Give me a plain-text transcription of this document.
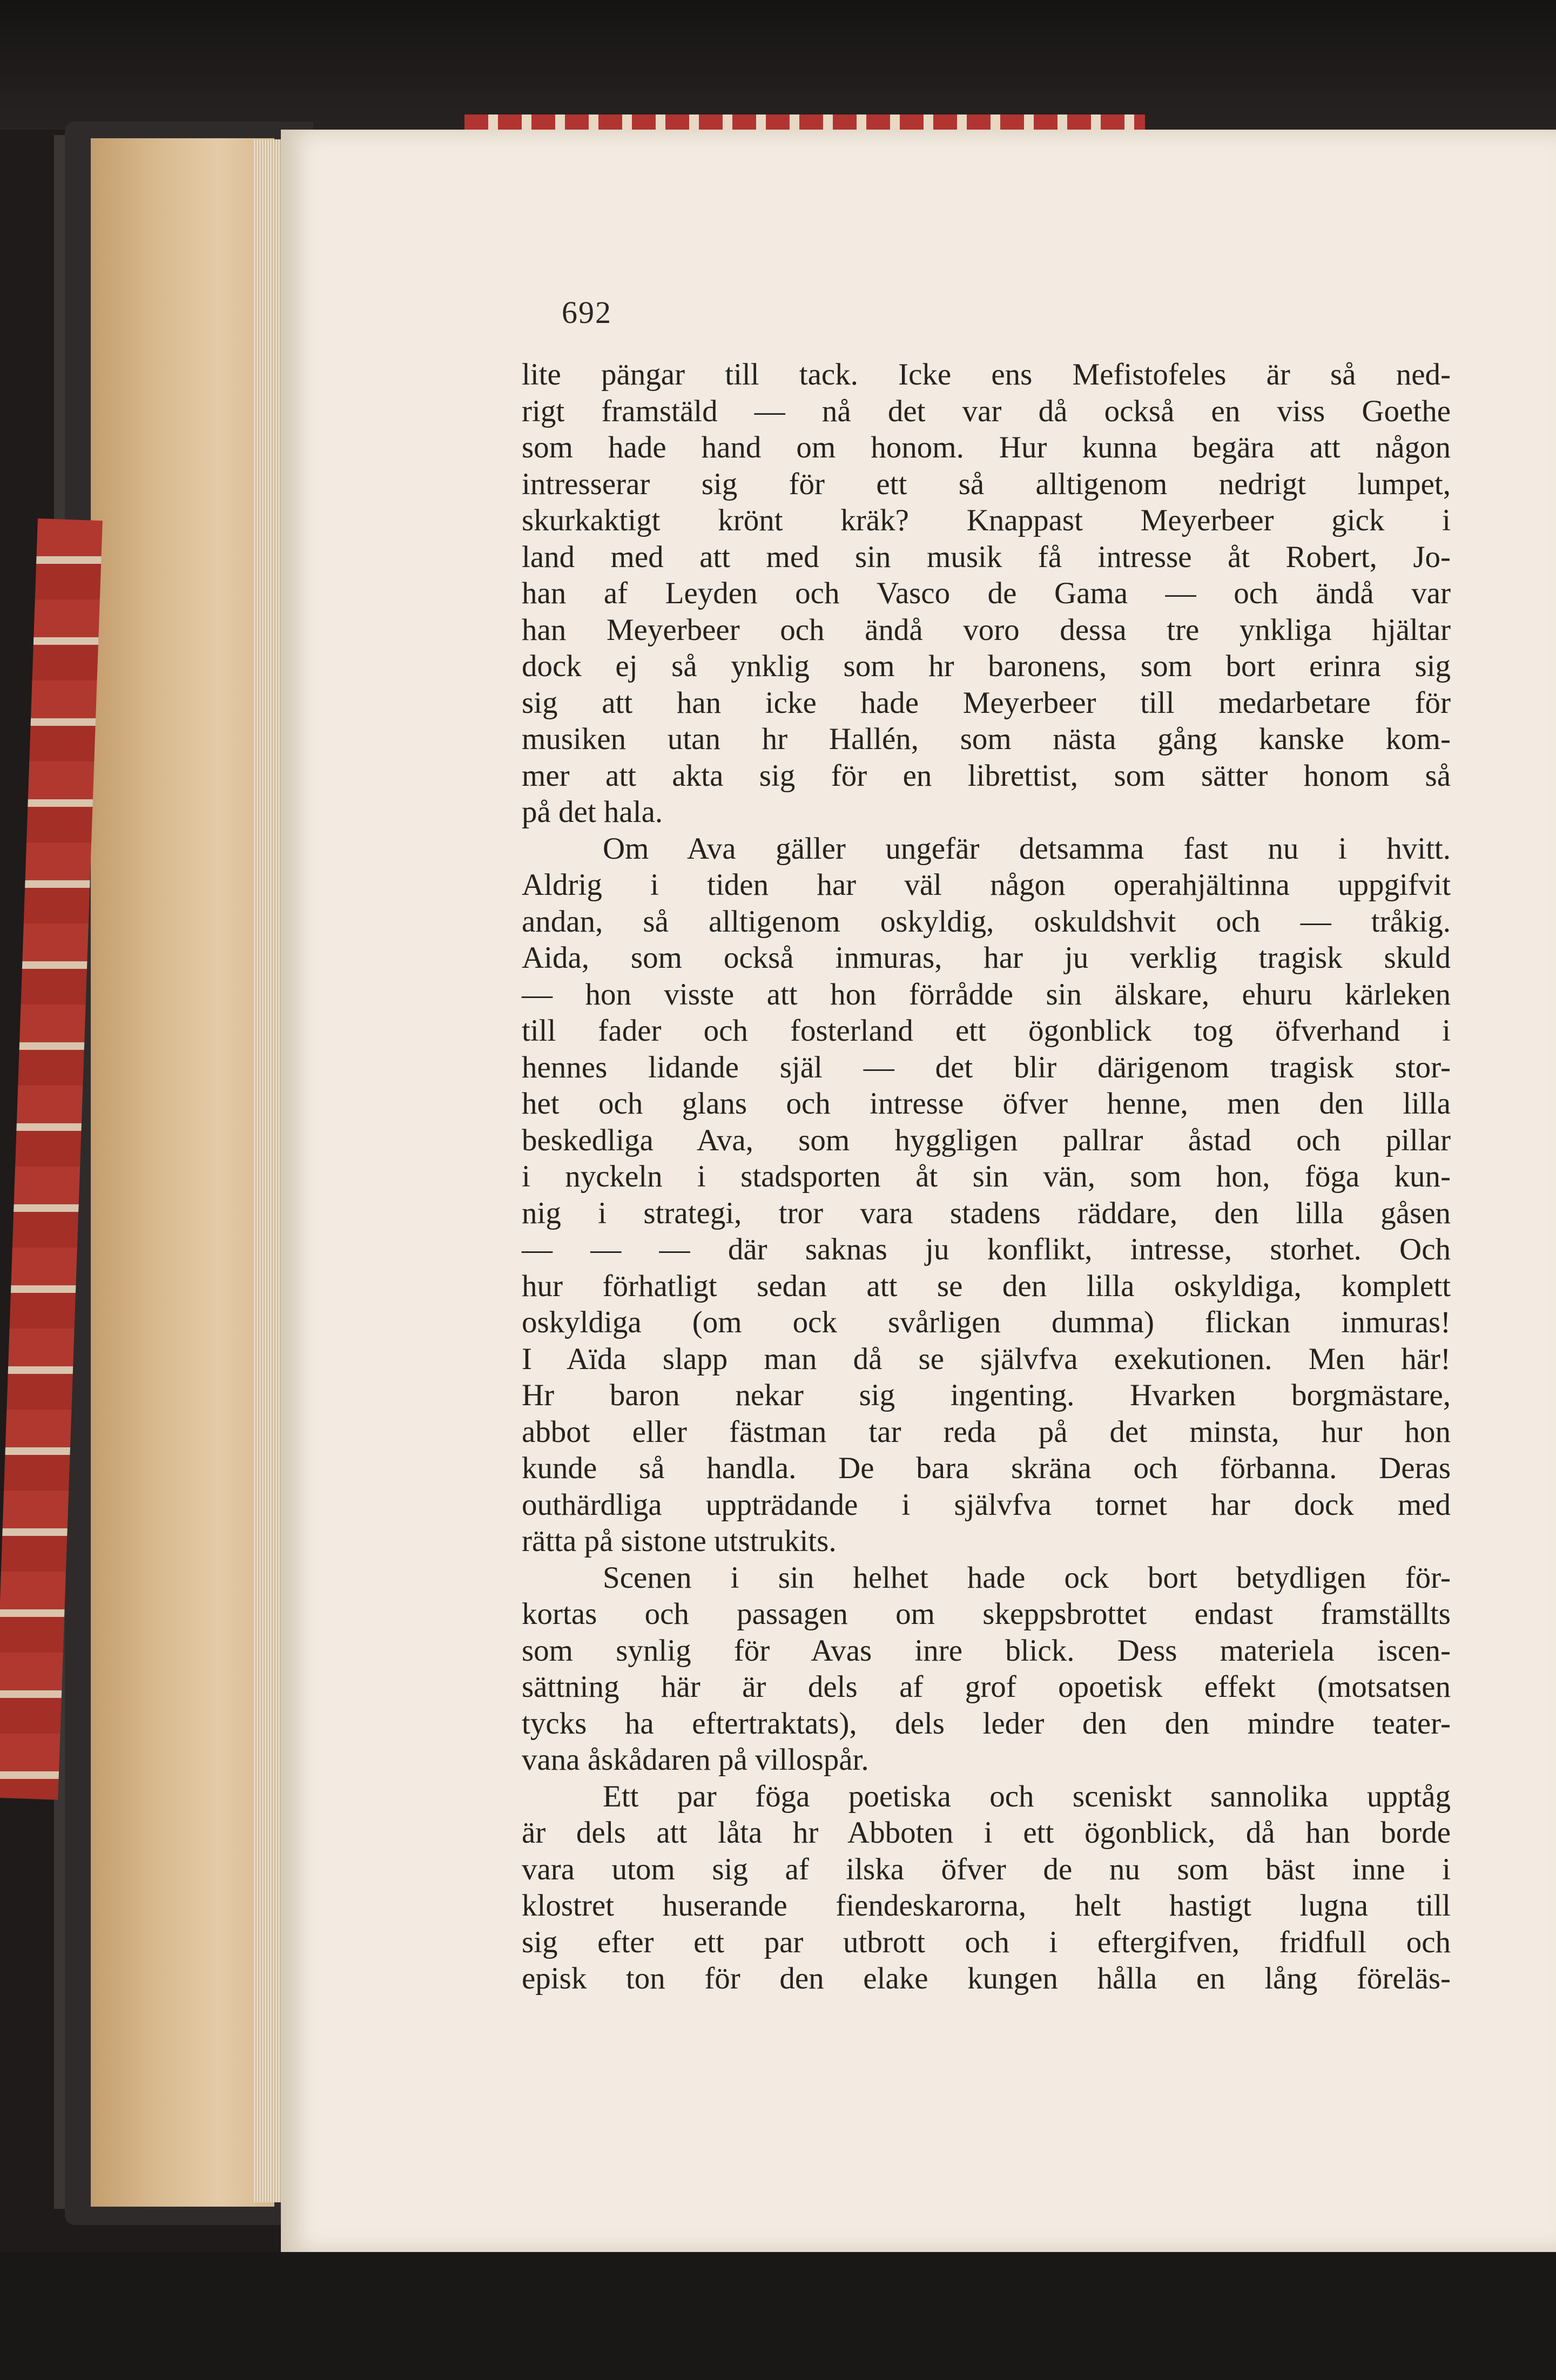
692
lite pängar till tack. Icke ens Mefistofeles är så ned-
rigt framstäld — nå det var då också en viss Goethe
som hade hand om honom. Hur kunna begära att någon
intresserar sig för ett så alltigenom nedrigt lumpet,
skurkaktigt krönt kräk? Knappast Meyerbeer gick i
land med att med sin musik få intresse åt Robert, Jo-
han af Leyden och Vasco de Gama — och ändå var
han Meyerbeer och ändå voro dessa tre ynkliga hjältar
dock ej så ynklig som hr baronens, som bort erinra sig
sig att han icke hade Meyerbeer till medarbetare för
musiken utan hr Hallén, som nästa gång kanske kom-
mer att akta sig för en librettist, som sätter honom så
på det hala.
Om Ava gäller ungefär detsamma fast nu i hvitt.
Aldrig i tiden har väl någon operahjältinna uppgifvit
andan, så alltigenom oskyldig, oskuldshvit och — tråkig.
Aida, som också inmuras, har ju verklig tragisk skuld
— hon visste att hon förrådde sin älskare, ehuru kärleken
till fader och fosterland ett ögonblick tog öfverhand i
hennes lidande själ — det blir därigenom tragisk stor-
het och glans och intresse öfver henne, men den lilla
beskedliga Ava, som hyggligen pallrar åstad och pillar
i nyckeln i stadsporten åt sin vän, som hon, föga kun-
nig i strategi, tror vara stadens räddare, den lilla gåsen
— — — där saknas ju konflikt, intresse, storhet. Och
hur förhatligt sedan att se den lilla oskyldiga, komplett
oskyldiga (om ock svårligen dumma) flickan inmuras!
I Aïda slapp man då se självfva exekutionen. Men här!
Hr baron nekar sig ingenting. Hvarken borgmästare,
abbot eller fästman tar reda på det minsta, hur hon
kunde så handla. De bara skräna och förbanna. Deras
outhärdliga uppträdande i självfva tornet har dock med
rätta på sistone utstrukits.
Scenen i sin helhet hade ock bort betydligen för-
kortas och passagen om skeppsbrottet endast framställts
som synlig för Avas inre blick. Dess materiela iscen-
sättning här är dels af grof opoetisk effekt (motsatsen
tycks ha eftertraktats), dels leder den den mindre teater-
vana åskådaren på villospår.
Ett par föga poetiska och sceniskt sannolika upptåg
är dels att låta hr Abboten i ett ögonblick, då han borde
vara utom sig af ilska öfver de nu som bäst inne i
klostret huserande fiendeskarorna, helt hastigt lugna till
sig efter ett par utbrott och i eftergifven, fridfull och
episk ton för den elake kungen hålla en lång föreläs-
